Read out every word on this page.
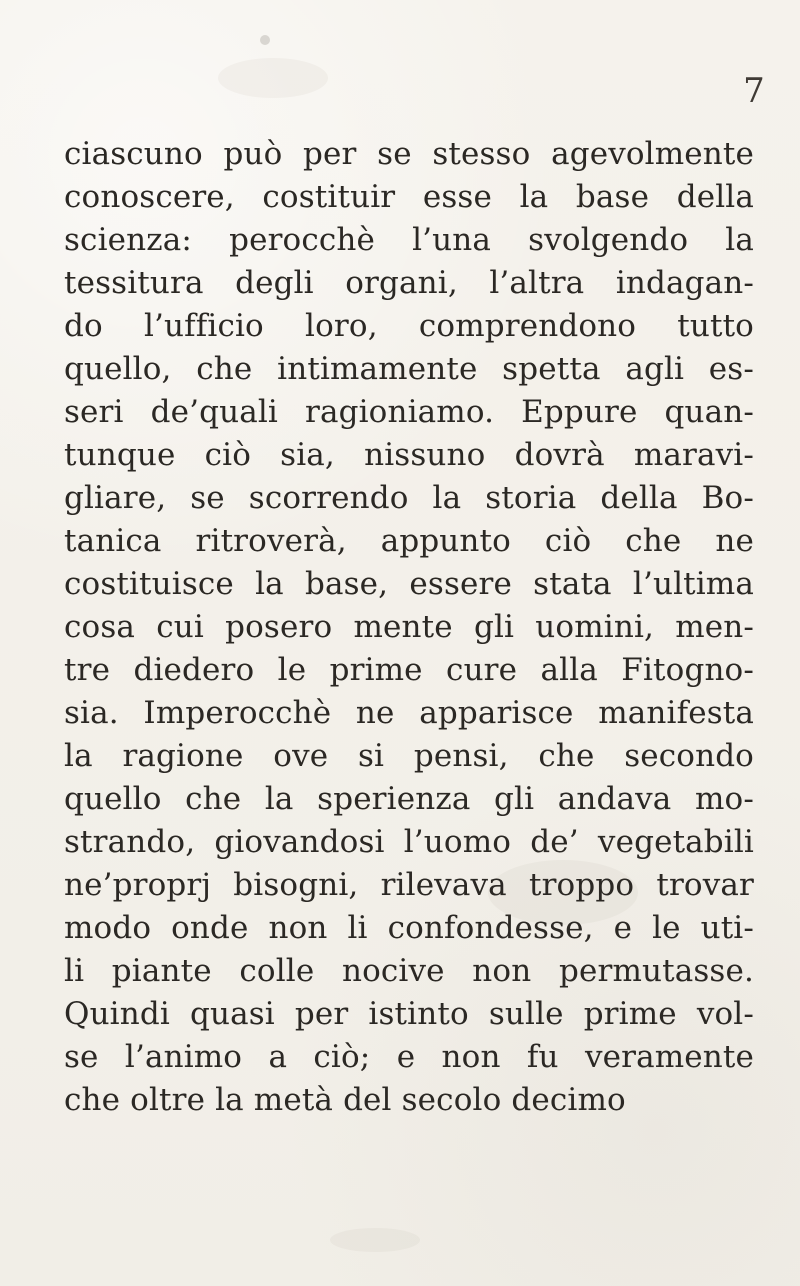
7
ciascuno può per se stesso agevolmente
conoscere, costituir esse la base della
scienza: perocchè l’una svolgendo la
tessitura degli organi, l’altra indagan-
do l’ufficio loro, comprendono tutto
quello, che intimamente spetta agli es-
seri de’quali ragioniamo. Eppure quan-
tunque ciò sia, nissuno dovrà maravi-
gliare, se scorrendo la storia della Bo-
tanica ritroverà, appunto ciò che ne
costituisce la base, essere stata l’ultima
cosa cui posero mente gli uomini, men-
tre diedero le prime cure alla Fitogno-
sia. Imperocchè ne apparisce manifesta
la ragione ove si pensi, che secondo
quello che la sperienza gli andava mo-
strando, giovandosi l’uomo de’ vegetabili
ne’proprj bisogni, rilevava troppo trovar
modo onde non li confondesse, e le uti-
li piante colle nocive non permutasse.
Quindi quasi per istinto sulle prime vol-
se l’animo a ciò; e non fu veramente
che oltre la metà del secolo decimo
